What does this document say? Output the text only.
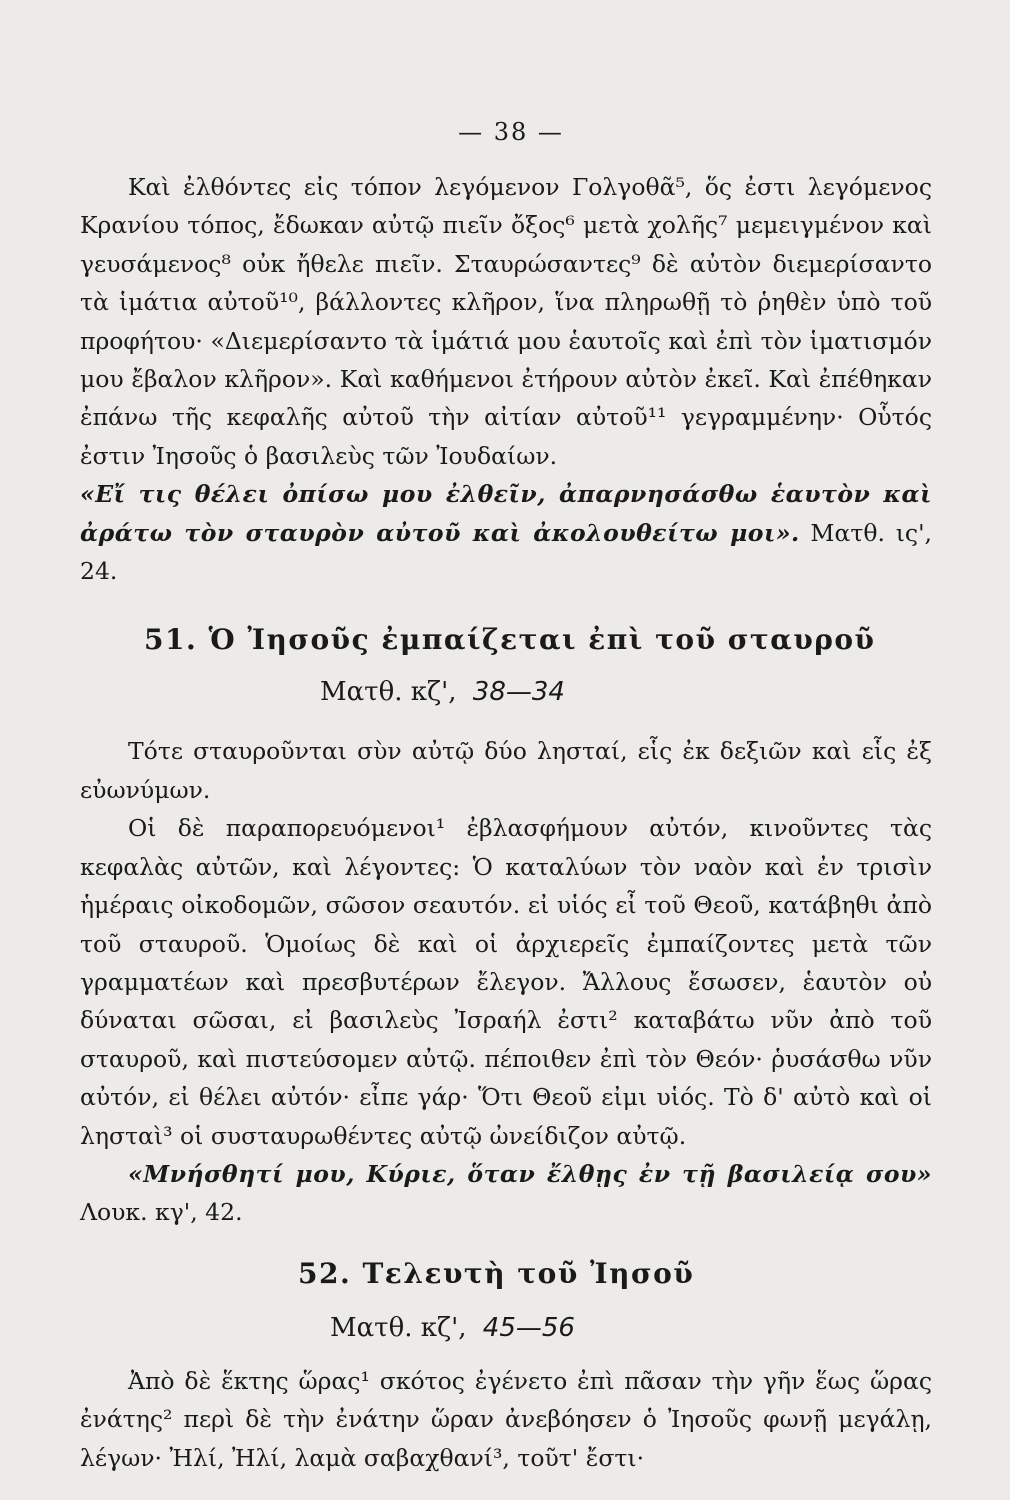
— 38 —

Καὶ ἐλθόντες εἰς τόπον λεγόμενον Γολγοθᾶ⁵, ὅς ἐστι λεγόμενος Κρανίου τόπος, ἔδωκαν αὐτῷ πιεῖν ὄξος⁶ μετὰ χολῆς⁷ μεμειγμένον καὶ γευσάμενος⁸ οὐκ ἤθελε πιεῖν. Σταυρώσαντες⁹ δὲ αὐτὸν διεμερίσαντο τὰ ἱμάτια αὐτοῦ¹⁰, βάλλοντες κλῆρον, ἵνα πληρωθῇ τὸ ῥηθὲν ὑπὸ τοῦ προφήτου· «Διεμερίσαντο τὰ ἱμάτιά μου ἑαυτοῖς καὶ ἐπὶ τὸν ἱματισμόν μου ἔβαλον κλῆρον». Καὶ καθήμενοι ἐτήρουν αὐτὸν ἐκεῖ. Καὶ ἐπέθηκαν ἐπάνω τῆς κεφαλῆς αὐτοῦ τὴν αἰτίαν αὐτοῦ¹¹ γεγραμμένην· Οὗτός ἐστιν Ἰησοῦς ὁ βασιλεὺς τῶν Ἰουδαίων.

«Εἴ τις θέλει ὀπίσω μου ἐλθεῖν, ἀπαρνησάσθω ἑαυτὸν καὶ ἀράτω τὸν σταυρὸν αὐτοῦ καὶ ἀκολουθείτω μοι». Ματθ. ις', 24.

51. Ὁ Ἰησοῦς ἐμπαίζεται ἐπὶ τοῦ σταυροῦ
Ματθ. κζ', 38—34

Τότε σταυροῦνται σὺν αὐτῷ δύο λησταί, εἷς ἐκ δεξιῶν καὶ εἷς ἐξ εὐωνύμων.

Οἱ δὲ παραπορευόμενοι¹ ἐβλασφήμουν αὐτόν, κινοῦντες τὰς κεφαλὰς αὐτῶν, καὶ λέγοντες: Ὁ καταλύων τὸν ναὸν καὶ ἐν τρισὶν ἡμέραις οἰκοδομῶν, σῶσον σεαυτόν. εἰ υἱός εἶ τοῦ Θεοῦ, κατάβηθι ἀπὸ τοῦ σταυροῦ. Ὁμοίως δὲ καὶ οἱ ἀρχιερεῖς ἐμπαίζοντες μετὰ τῶν γραμματέων καὶ πρεσβυτέρων ἔλεγον. Ἄλλους ἔσωσεν, ἑαυτὸν οὐ δύναται σῶσαι, εἰ βασιλεὺς Ἰσραήλ ἐστι² καταβάτω νῦν ἀπὸ τοῦ σταυροῦ, καὶ πιστεύσομεν αὐτῷ. πέποιθεν ἐπὶ τὸν Θεόν· ῥυσάσθω νῦν αὐτόν, εἰ θέλει αὐτόν· εἶπε γάρ· Ὅτι Θεοῦ εἰμι υἱός. Τὸ δ' αὐτὸ καὶ οἱ λησταὶ³ οἱ συσταυρωθέντες αὐτῷ ὠνείδιζον αὐτῷ.

«Μνήσθητί μου, Κύριε, ὅταν ἔλθῃς ἐν τῇ βασιλείᾳ σου» Λουκ. κγ', 42.

52. Τελευτὴ τοῦ Ἰησοῦ
Ματθ. κζ', 45—56

Ἀπὸ δὲ ἕκτης ὥρας¹ σκότος ἐγένετο ἐπὶ πᾶσαν τὴν γῆν ἕως ὥρας ἐνάτης² περὶ δὲ τὴν ἐνάτην ὥραν ἀνεβόησεν ὁ Ἰησοῦς φωνῇ μεγάλῃ, λέγων· Ἠλί, Ἠλί, λαμὰ σαβαχθανί³, τοῦτ' ἔστι·
